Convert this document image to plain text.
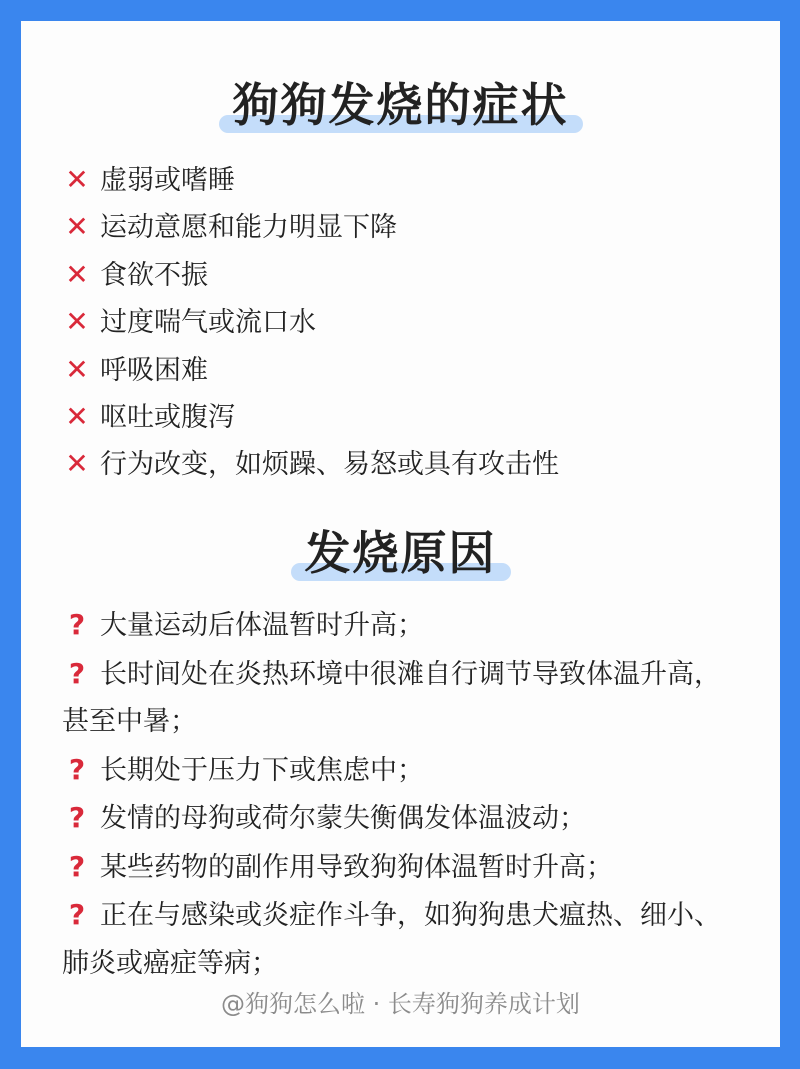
狗狗发烧的症状
✕ 虚弱或嗜睡
✕ 运动意愿和能力明显下降
✕ 食欲不振
✕ 过度喘气或流口水
✕ 呼吸困难
✕ 呕吐或腹泻
✕ 行为改变，如烦躁、易怒或具有攻击性
发烧原因
? 大量运动后体温暂时升高；
? 长时间处在炎热环境中很滩自行调节导致体温升高，甚至中暑；
? 长期处于压力下或焦虑中；
? 发情的母狗或荷尔蒙失衡偶发体温波动；
? 某些药物的副作用导致狗狗体温暂时升高；
? 正在与感染或炎症作斗争，如狗狗患犬瘟热、细小、肺炎或癌症等病；
@狗狗怎么啦 · 长寿狗狗养成计划
